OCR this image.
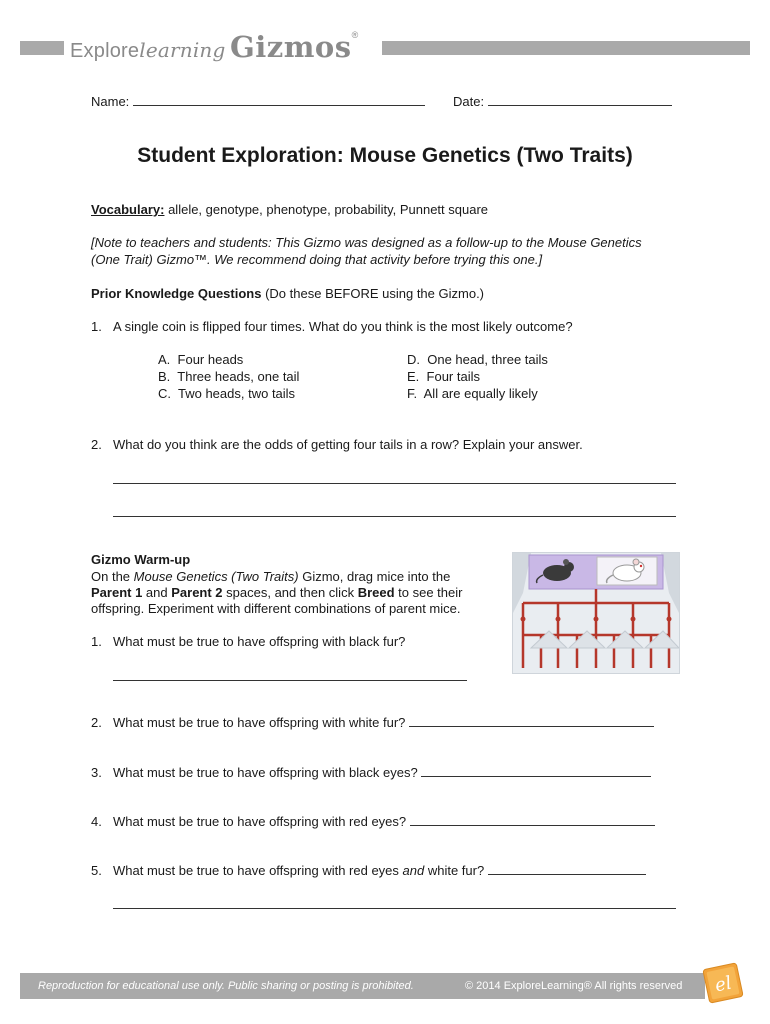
Explorelearning Gizmos®
Name:	Date:
Student Exploration: Mouse Genetics (Two Traits)
Vocabulary: allele, genotype, phenotype, probability, Punnett square
[Note to teachers and students: This Gizmo was designed as a follow-up to the Mouse Genetics
(One Trait) Gizmo™. We recommend doing that activity before trying this one.]
Prior Knowledge Questions (Do these BEFORE using the Gizmo.)
1. A single coin is flipped four times. What do you think is the most likely outcome?
A. Four heads
B. Three heads, one tail
C. Two heads, two tails
D. One head, three tails
E. Four tails
F. All are equally likely
2. What do you think are the odds of getting four tails in a row? Explain your answer.
Gizmo Warm-up
On the Mouse Genetics (Two Traits) Gizmo, drag mice into the
Parent 1 and Parent 2 spaces, and then click Breed to see their
offspring. Experiment with different combinations of parent mice.
1. What must be true to have offspring with black fur?
2. What must be true to have offspring with white fur?
3. What must be true to have offspring with black eyes?
4. What must be true to have offspring with red eyes?
5. What must be true to have offspring with red eyes and white fur?
Reproduction for educational use only. Public sharing or posting is prohibited.	© 2014 ExploreLearning® All rights reserved el
